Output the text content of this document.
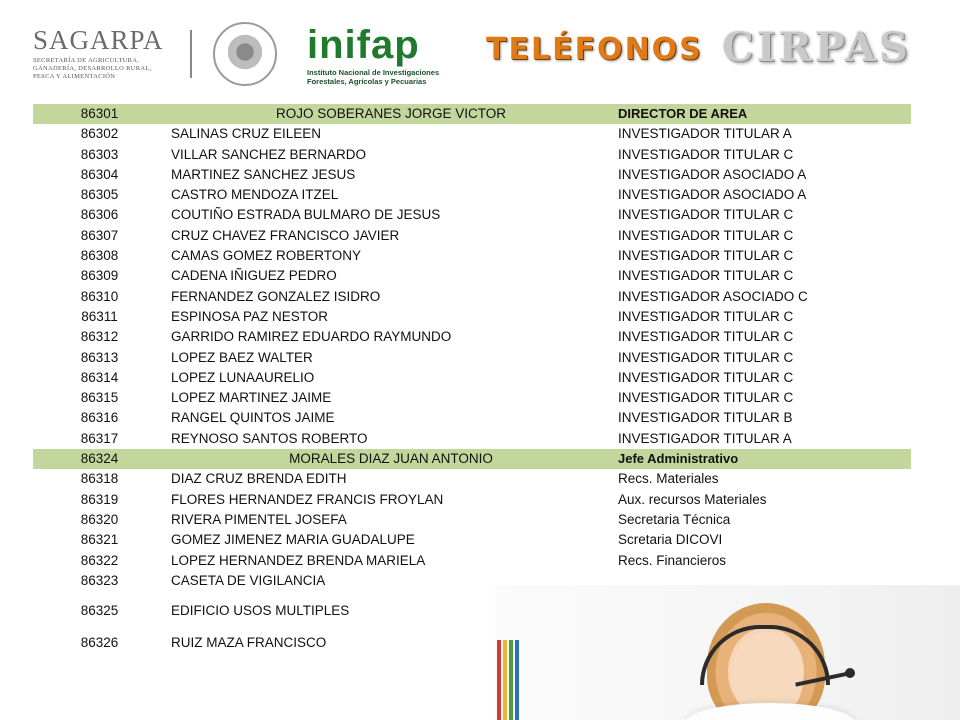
SAGARPA
SECRETARÍA DE AGRICULTURA,
GANADERÍA, DESARROLLO RURAL,
PESCA Y ALIMENTACIÓN
inifap
Instituto Nacional de Investigaciones
Forestales, Agrícolas y Pecuarias
TELÉFONOS CIRPAS
86301	ROJO SOBERANES JORGE VICTOR	DIRECTOR DE AREA
86302	SALINAS CRUZ EILEEN	INVESTIGADOR TITULAR A
86303	VILLAR SANCHEZ BERNARDO	INVESTIGADOR TITULAR C
86304	MARTINEZ SANCHEZ JESUS	INVESTIGADOR ASOCIADO A
86305	CASTRO MENDOZA ITZEL	INVESTIGADOR ASOCIADO A
86306	COUTIÑO ESTRADA BULMARO DE JESUS	INVESTIGADOR TITULAR C
86307	CRUZ CHAVEZ FRANCISCO JAVIER	INVESTIGADOR TITULAR C
86308	CAMAS GOMEZ ROBERTONY	INVESTIGADOR TITULAR C
86309	CADENA IÑIGUEZ PEDRO	INVESTIGADOR TITULAR C
86310	FERNANDEZ GONZALEZ ISIDRO	INVESTIGADOR ASOCIADO C
86311	ESPINOSA PAZ NESTOR	INVESTIGADOR TITULAR C
86312	GARRIDO RAMIREZ EDUARDO RAYMUNDO	INVESTIGADOR TITULAR C
86313	LOPEZ BAEZ WALTER	INVESTIGADOR TITULAR C
86314	LOPEZ LUNAAURELIO	INVESTIGADOR TITULAR C
86315	LOPEZ MARTINEZ JAIME	INVESTIGADOR TITULAR C
86316	RANGEL QUINTOS JAIME	INVESTIGADOR TITULAR B
86317	REYNOSO SANTOS ROBERTO	INVESTIGADOR TITULAR A
86324	MORALES DIAZ JUAN ANTONIO	Jefe Administrativo
86318	DIAZ CRUZ BRENDA EDITH	Recs. Materiales
86319	FLORES HERNANDEZ FRANCIS FROYLAN	Aux. recursos Materiales
86320	RIVERA PIMENTEL JOSEFA	Secretaria Técnica
86321	GOMEZ JIMENEZ MARIA GUADALUPE	Scretaria DICOVI
86322	LOPEZ HERNANDEZ BRENDA MARIELA	Recs. Financieros
86323	CASETA DE VIGILANCIA
86325	EDIFICIO USOS MULTIPLES
86326	RUIZ MAZA FRANCISCO
